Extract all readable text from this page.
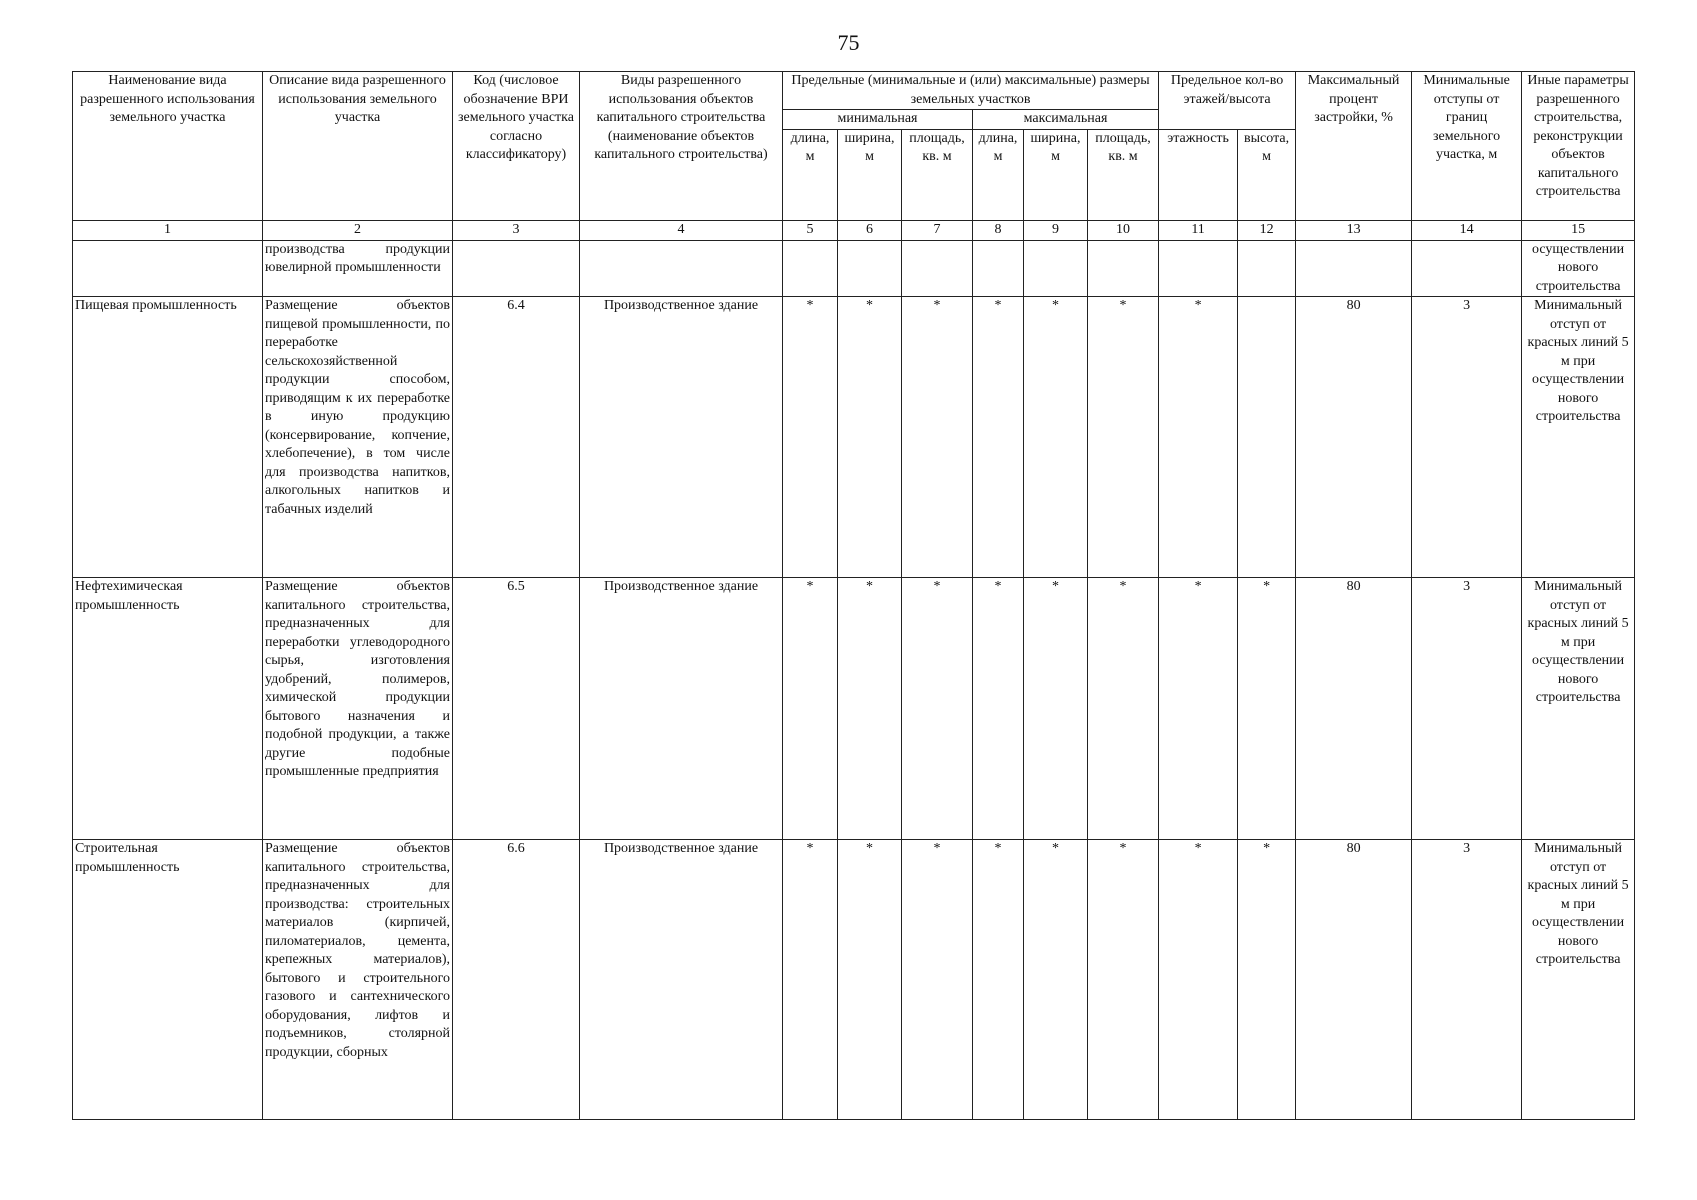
75
Наименование вида разрешенного использования земельного участка	Описание вида разрешенного использования земельного участка	Код (числовое обозначение ВРИ земельного участка согласно классификатору)	Виды разрешенного использования объектов капитального строительства (наименование объектов капитального строительства)	Предельные (минимальные и (или) максимальные) размеры земельных участков						Предельное кол-во этажей/высота		Максимальный процент застройки, %	Минимальные отступы от границ земельного участка, м	Иные параметры разрешенного строительства, реконструкции объектов капитального строительства
				минимальная			максимальная							
				длина, м	ширина, м	площадь, кв. м	длина, м	ширина, м	площадь, кв. м	этажность	высота, м			
1	2	3	4	5	6	7	8	9	10	11	12	13	14	15
	производства продукции ювелирной промышленности													осуществлении нового строительства
Пищевая промышленность	Размещение объектов пищевой промышленности, по переработке сельскохозяйственной продукции способом, приводящим к их переработке в иную продукцию (консервирование, копчение, хлебопечение), в том числе для производства напитков, алкогольных напитков и табачных изделий	6.4	Производственное здание	*	*	*	*	*	*	*		80	3	Минимальный отступ от красных линий 5 м при осуществлении нового строительства
Нефтехимическая промышленность	Размещение объектов капитального строительства, предназначенных для переработки углеводородного сырья, изготовления удобрений, полимеров, химической продукции бытового назначения и подобной продукции, а также другие подобные промышленные предприятия	6.5	Производственное здание	*	*	*	*	*	*	*	*	80	3	Минимальный отступ от красных линий 5 м при осуществлении нового строительства
Строительная промышленность	Размещение объектов капитального строительства, предназначенных для производства: строительных материалов (кирпичей, пиломатериалов, цемента, крепежных материалов), бытового и строительного газового и сантехнического оборудования, лифтов и подъемников, столярной продукции, сборных	6.6	Производственное здание	*	*	*	*	*	*	*	*	80	3	Минимальный отступ от красных линий 5 м при осуществлении нового строительства
